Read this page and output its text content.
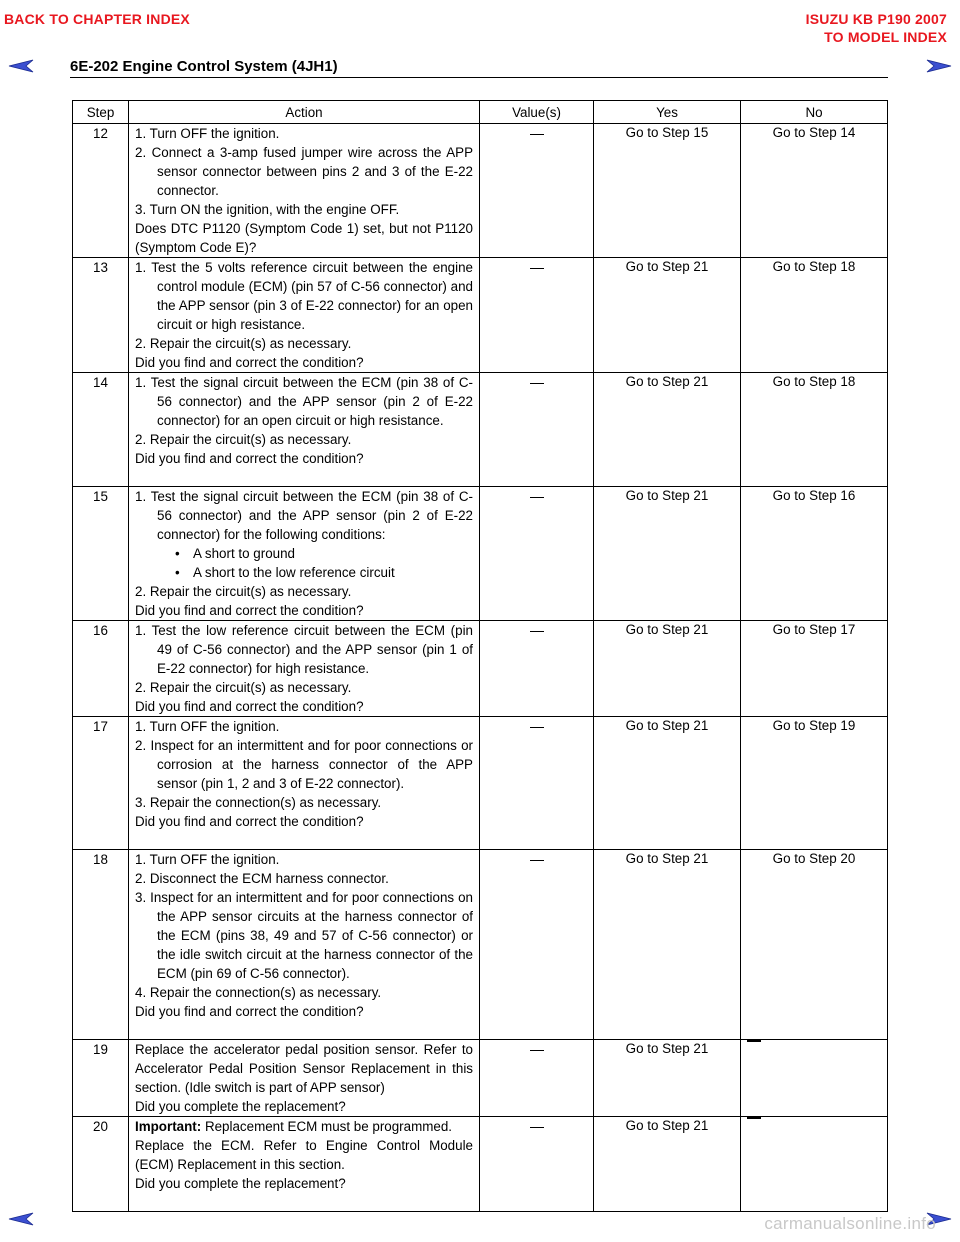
BACK TO CHAPTER INDEX	ISUZU KB P190 2007
TO MODEL INDEX
6E-202 Engine Control System (4JH1)
Step	Action	Value(s)	Yes	No
12	1. Turn OFF the ignition.
2. Connect a 3-amp fused jumper wire across the APP sensor connector between pins 2 and 3 of the E-22 connector.
3. Turn ON the ignition, with the engine OFF.
Does DTC P1120 (Symptom Code 1) set, but not P1120 (Symptom Code E)?		Go to Step 15	Go to Step 14

13	1. Test the 5 volts reference circuit between the engine control module (ECM) (pin 57 of C-56 connector) and the APP sensor (pin 3 of E-22 connector) for an open circuit or high resistance.
2. Repair the circuit(s) as necessary.
Did you find and correct the condition?		Go to Step 21	Go to Step 18

14	1. Test the signal circuit between the ECM (pin 38 of C-56 connector) and the APP sensor (pin 2 of E-22 connector) for an open circuit or high resistance.
2. Repair the circuit(s) as necessary.
Did you find and correct the condition?		Go to Step 21	Go to Step 18

15	1. Test the signal circuit between the ECM (pin 38 of C-56 connector) and the APP sensor (pin 2 of E-22 connector) for the following conditions:
• A short to ground
• A short to the low reference circuit
2. Repair the circuit(s) as necessary.
Did you find and correct the condition?		Go to Step 21	Go to Step 16

16	1. Test the low reference circuit between the ECM (pin 49 of C-56 connector) and the APP sensor (pin 1 of E-22 connector) for high resistance.
2. Repair the circuit(s) as necessary.
Did you find and correct the condition?		Go to Step 21	Go to Step 17

17	1. Turn OFF the ignition.
2. Inspect for an intermittent and for poor connections or corrosion at the harness connector of the APP sensor (pin 1, 2 and 3 of E-22 connector).
3. Repair the connection(s) as necessary.
Did you find and correct the condition?		Go to Step 21	Go to Step 19

18	1. Turn OFF the ignition.
2. Disconnect the ECM harness connector.
3. Inspect for an intermittent and for poor connections on the APP sensor circuits at the harness connector of the ECM (pins 38, 49 and 57 of C-56 connector) or the idle switch circuit at the harness connector of the ECM (pin 69 of C-56 connector).
4. Repair the connection(s) as necessary.
Did you find and correct the condition?		Go to Step 21	Go to Step 20

19	Replace the accelerator pedal position sensor. Refer to Accelerator Pedal Position Sensor Replacement in this section. (Idle switch is part of APP sensor)
Did you complete the replacement?		Go to Step 21	

20	Important: Replacement ECM must be programmed.
Replace the ECM. Refer to Engine Control Module (ECM) Replacement in this section.
Did you complete the replacement?		Go to Step 21	

carmanualsonline.info
